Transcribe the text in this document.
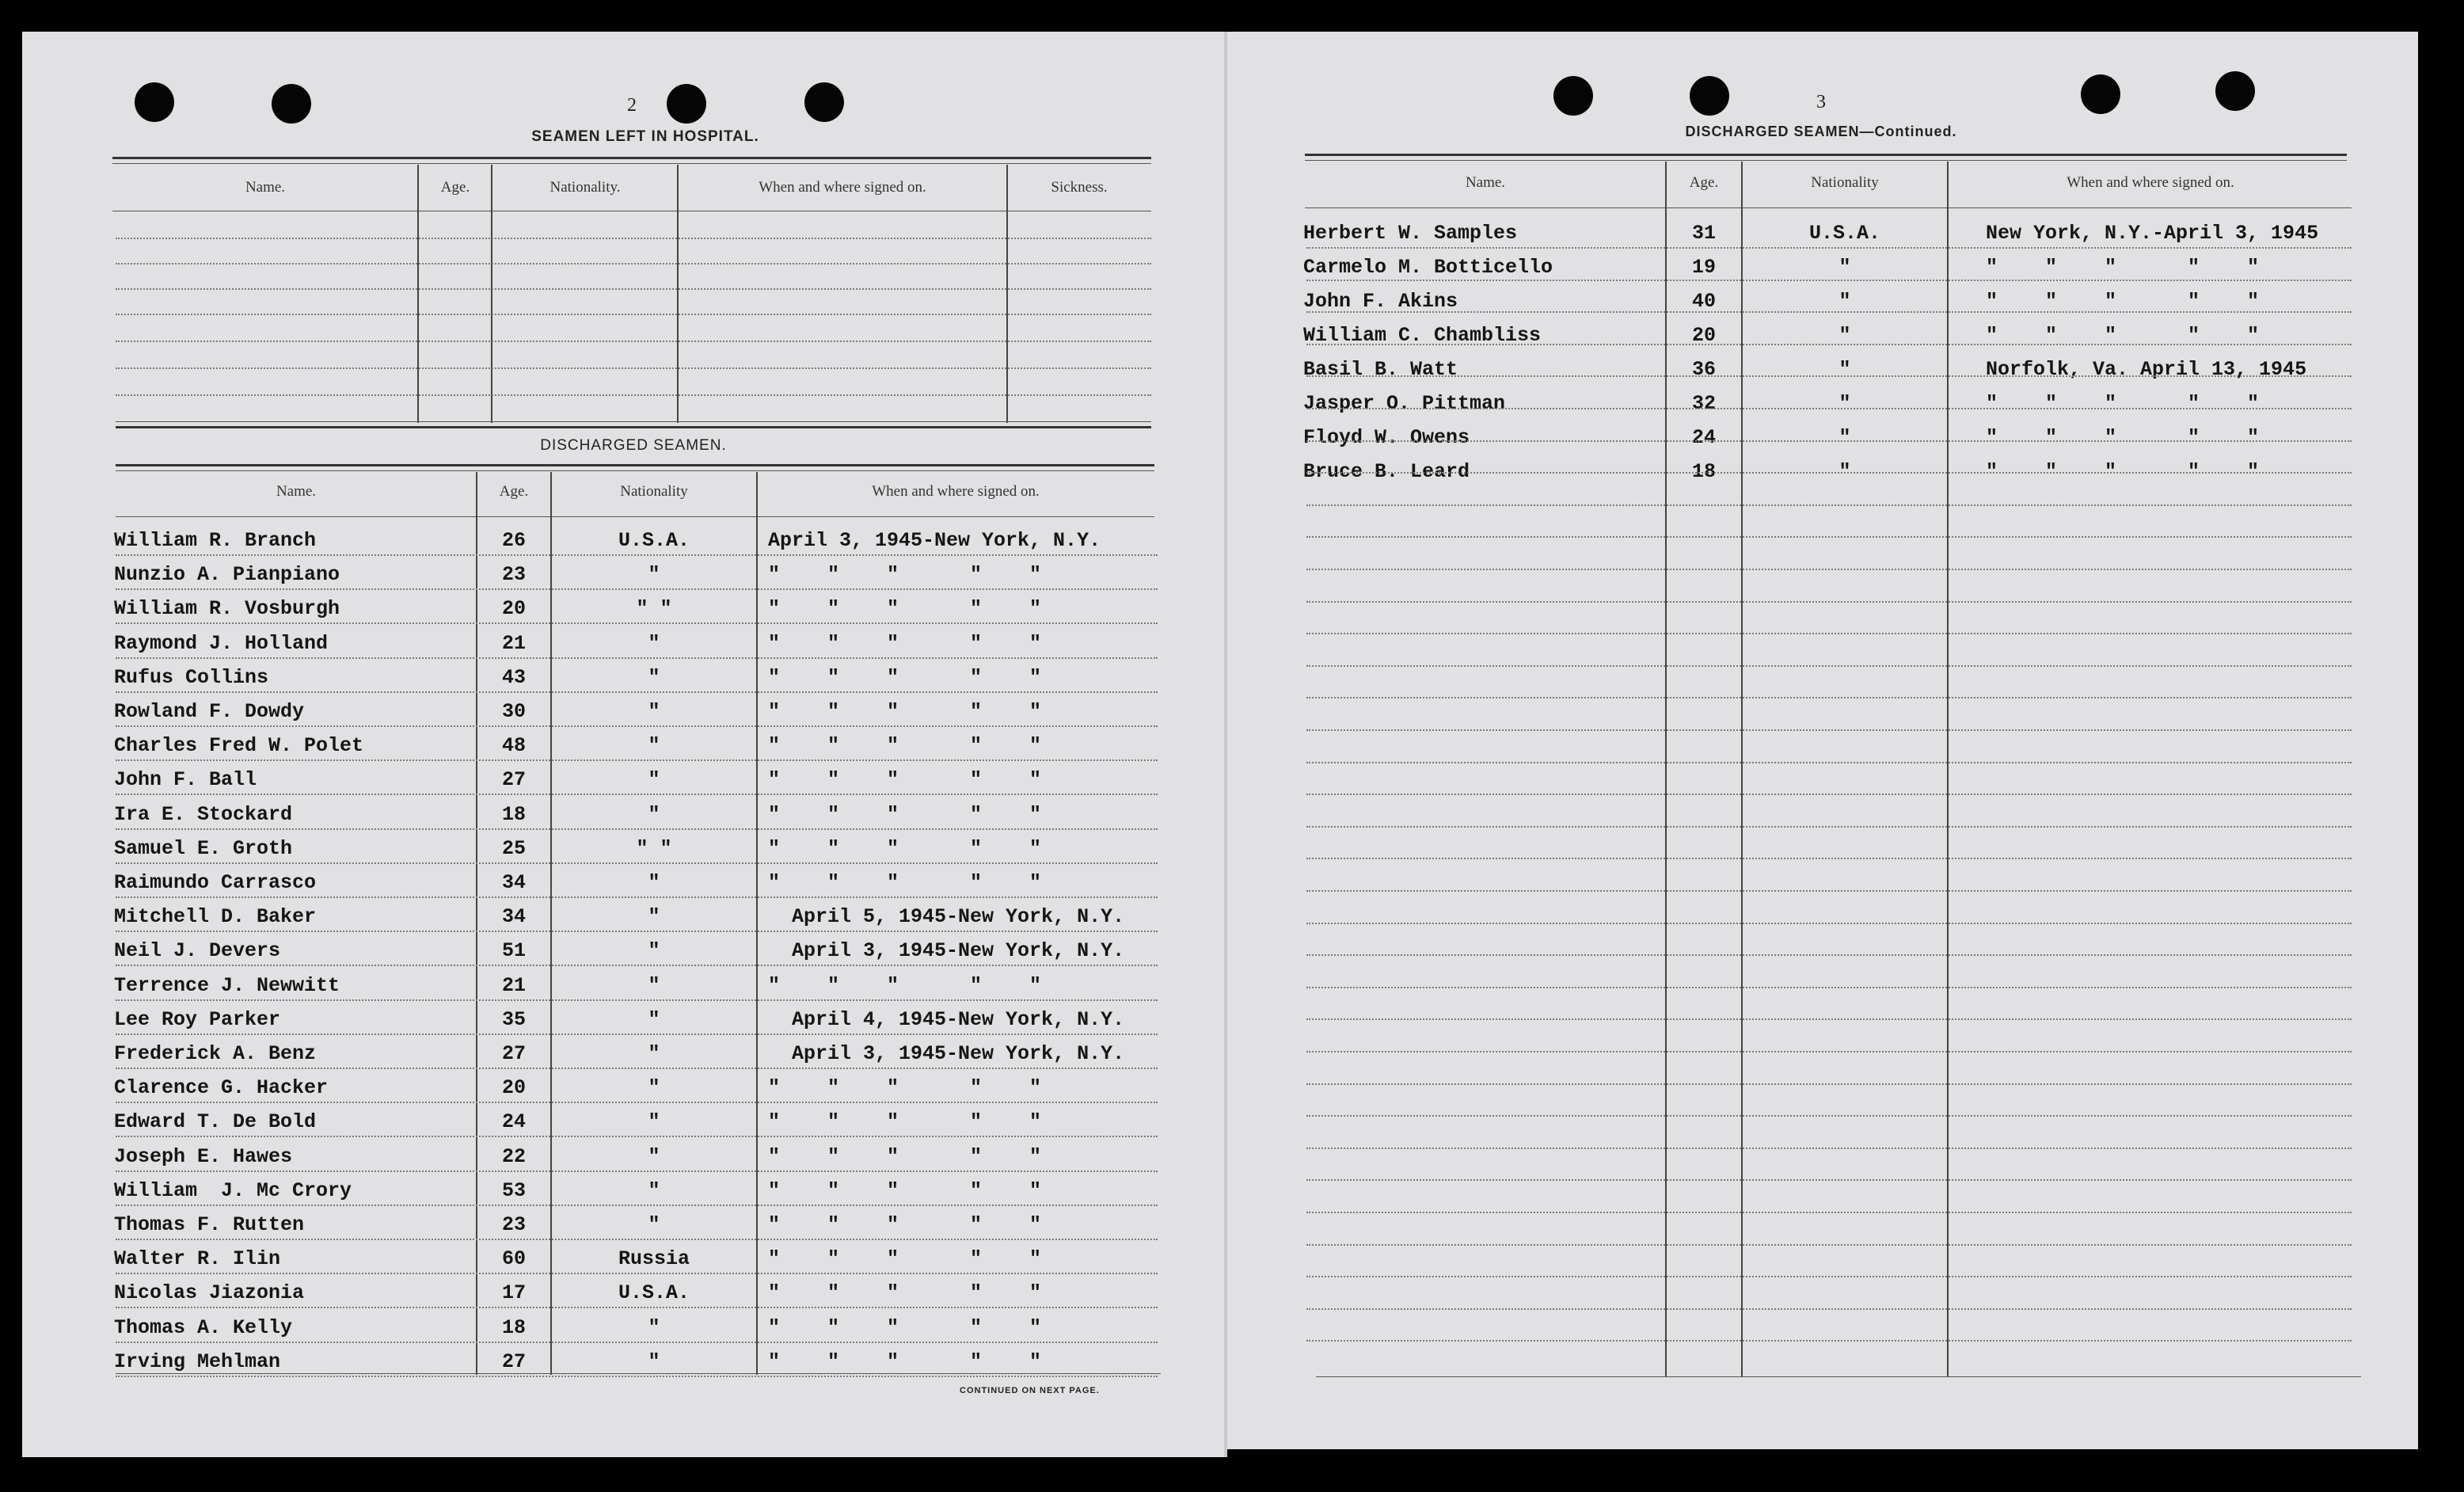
2
SEAMEN LEFT IN HOSPITAL.
Name.	Age.	Nationality.	When and where signed on.	Sickness.
DISCHARGED SEAMEN.
Name.	Age.	Nationality	When and where signed on.
William R. Branch	26	U.S.A.	April 3, 1945-New York, N.Y.
Nunzio A. Pianpiano	23	"	"    "    "      "    "
William R. Vosburgh	20	" "	"    "    "      "    "
Raymond J. Holland	21	"	"    "    "      "    "
Rufus Collins	43	"	"    "    "      "    "
Rowland F. Dowdy	30	"	"    "    "      "    "
Charles Fred W. Polet	48	"	"    "    "      "    "
John F. Ball	27	"	"    "    "      "    "
Ira E. Stockard	18	"	"    "    "      "    "
Samuel E. Groth	25	" "	"    "    "      "    "
Raimundo Carrasco	34	"	"    "    "      "    "
Mitchell D. Baker	34	"	April 5, 1945-New York, N.Y.
Neil J. Devers	51	"	April 3, 1945-New York, N.Y.
Terrence J. Newwitt	21	"	"    "    "      "    "
Lee Roy Parker	35	"	April 4, 1945-New York, N.Y.
Frederick A. Benz	27	"	April 3, 1945-New York, N.Y.
Clarence G. Hacker	20	"	"    "    "      "    "
Edward T. De Bold	24	"	"    "    "      "    "
Joseph E. Hawes	22	"	"    "    "      "    "
William  J. Mc Crory	53	"	"    "    "      "    "
Thomas F. Rutten	23	"	"    "    "      "    "
Walter R. Ilin	60	Russia	"    "    "      "    "
Nicolas Jiazonia	17	U.S.A.	"    "    "      "    "
Thomas A. Kelly	18	"	"    "    "      "    "
Irving Mehlman	27	"	"    "    "      "    "
CONTINUED ON NEXT PAGE.
3
DISCHARGED SEAMEN—Continued.
Name.	Age.	Nationality	When and where signed on.
Herbert W. Samples	31	U.S.A.	New York, N.Y.-April 3, 1945
Carmelo M. Botticello	19	"	"    "    "      "    "
John F. Akins	40	"	"    "    "      "    "
William C. Chambliss	20	"	"    "    "      "    "
Basil B. Watt	36	"	Norfolk, Va. April 13, 1945
Jasper O. Pittman	32	"	"    "    "      "    "
Floyd W. Owens	24	"	"    "    "      "    "
Bruce B. Leard	18	"	"    "    "      "    "
